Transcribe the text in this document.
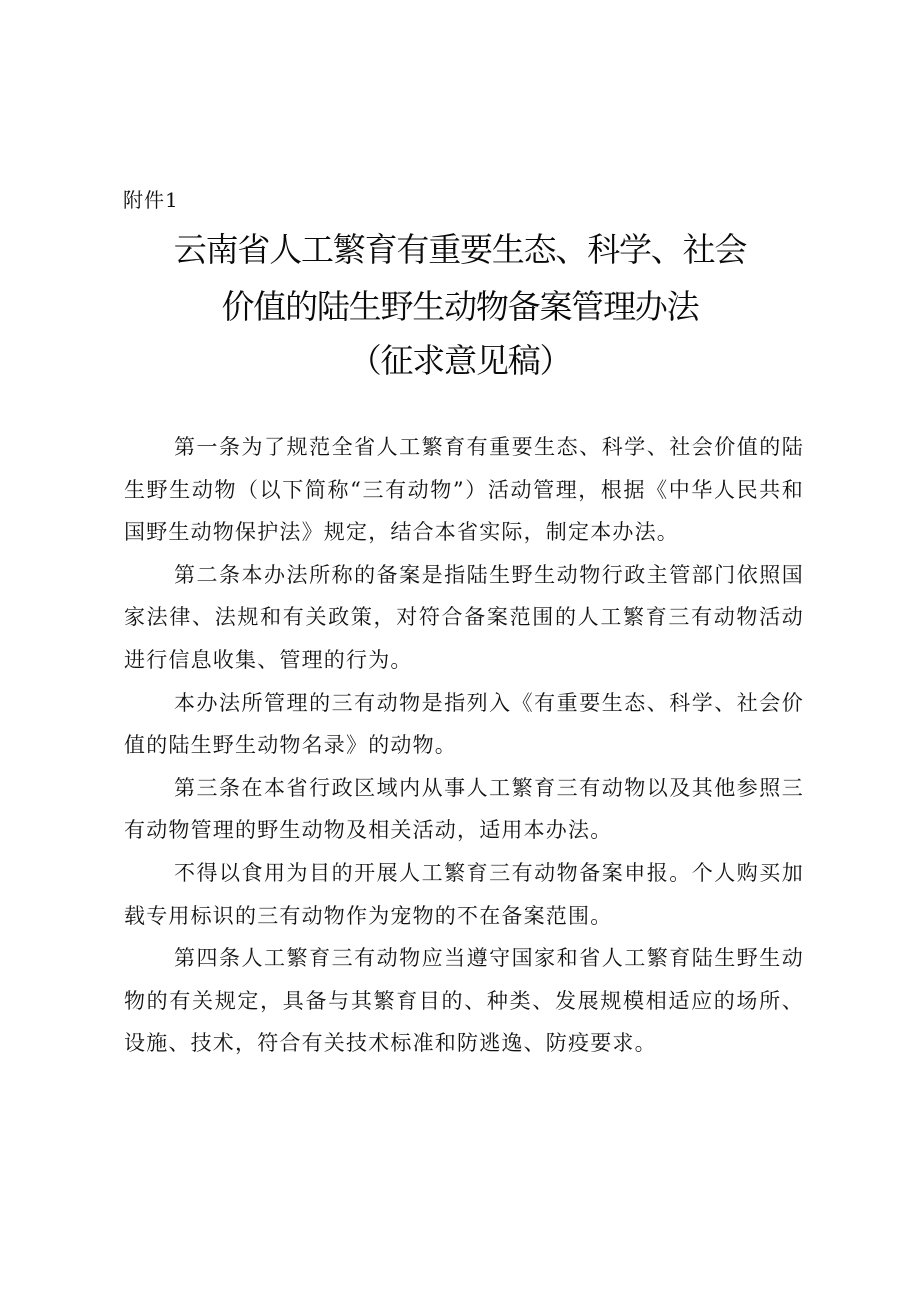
附件1
云南省人工繁育有重要生态、科学、社会
价值的陆生野生动物备案管理办法
（征求意见稿）

第一条为了规范全省人工繁育有重要生态、科学、社会价值的陆生野生动物（以下简称“三有动物”）活动管理，根据《中华人民共和国野生动物保护法》规定，结合本省实际，制定本办法。

第二条本办法所称的备案是指陆生野生动物行政主管部门依照国家法律、法规和有关政策，对符合备案范围的人工繁育三有动物活动进行信息收集、管理的行为。

本办法所管理的三有动物是指列入《有重要生态、科学、社会价值的陆生野生动物名录》的动物。

第三条在本省行政区域内从事人工繁育三有动物以及其他参照三有动物管理的野生动物及相关活动，适用本办法。

不得以食用为目的开展人工繁育三有动物备案申报。个人购买加载专用标识的三有动物作为宠物的不在备案范围。

第四条人工繁育三有动物应当遵守国家和省人工繁育陆生野生动物的有关规定，具备与其繁育目的、种类、发展规模相适应的场所、设施、技术，符合有关技术标准和防逃逸、防疫要求。
